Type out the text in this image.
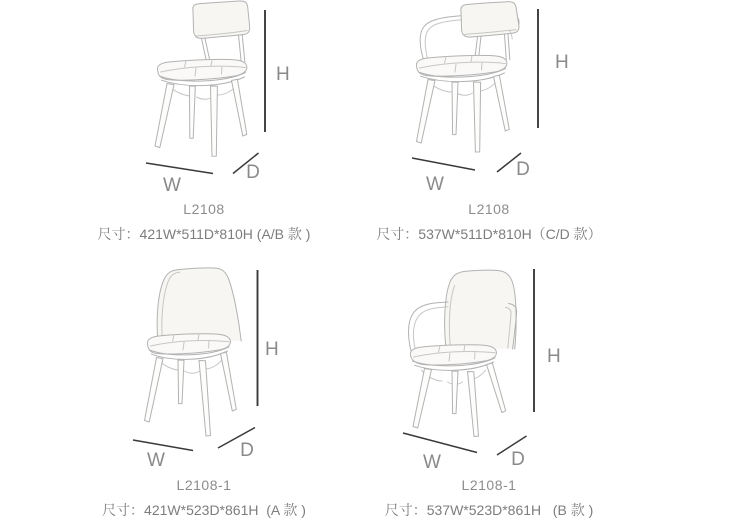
H
W
D
H
W
D
H
W	D
H
W	D
L2108
尺寸：421W*511D*810H (A/B 款 )
L2108
尺寸：537W*511D*810H（C/D 款）
L2108-1
尺寸：421W*523D*861H  (A 款 )
L2108-1
尺寸：537W*523D*861H   (B 款 )
